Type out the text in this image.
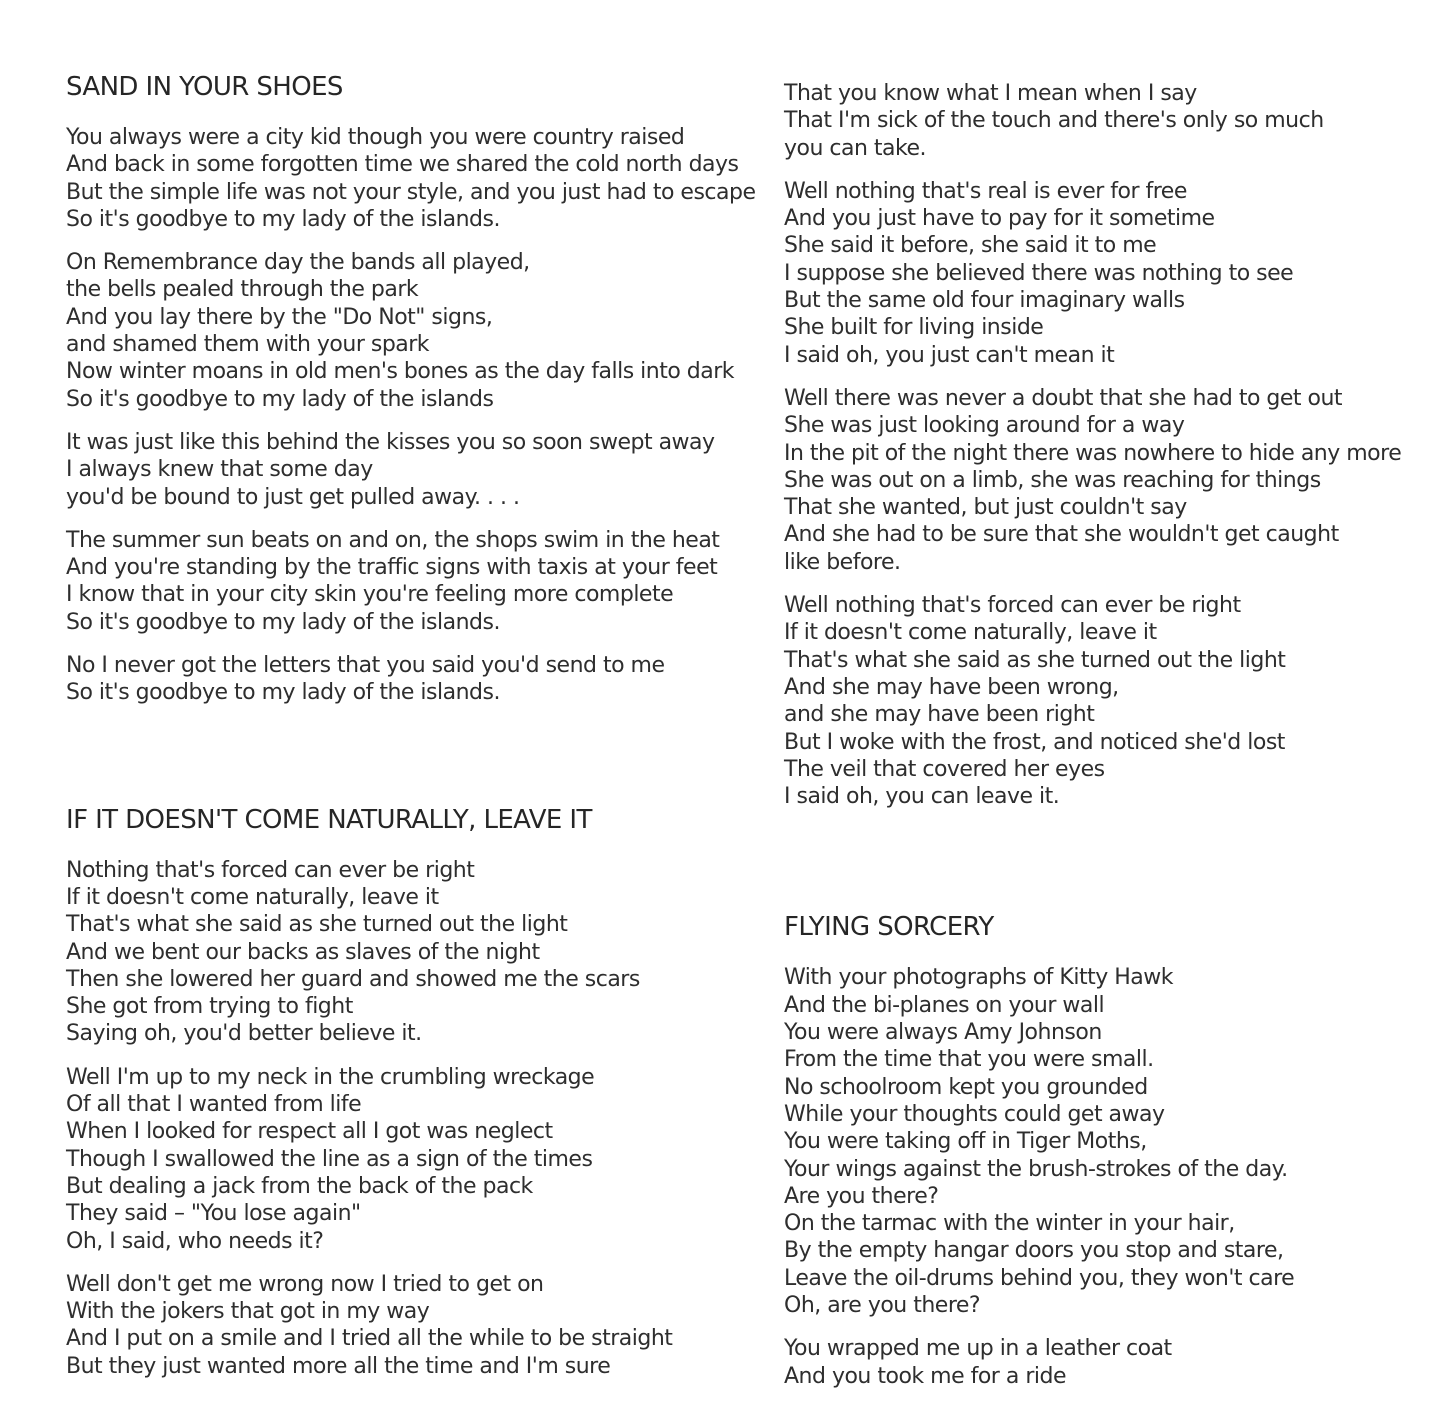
SAND IN YOUR SHOES
You always were a city kid though you were country raised
And back in some forgotten time we shared the cold north days
But the simple life was not your style, and you just had to escape
So it's goodbye to my lady of the islands.
On Remembrance day the bands all played,
the bells pealed through the park
And you lay there by the "Do Not" signs,
and shamed them with your spark
Now winter moans in old men's bones as the day falls into dark
So it's goodbye to my lady of the islands
It was just like this behind the kisses you so soon swept away
I always knew that some day
you'd be bound to just get pulled away. . . .
The summer sun beats on and on, the shops swim in the heat
And you're standing by the traffic signs with taxis at your feet
I know that in your city skin you're feeling more complete
So it's goodbye to my lady of the islands.
No I never got the letters that you said you'd send to me
So it's goodbye to my lady of the islands.
IF IT DOESN'T COME NATURALLY, LEAVE IT
Nothing that's forced can ever be right
If it doesn't come naturally, leave it
That's what she said as she turned out the light
And we bent our backs as slaves of the night
Then she lowered her guard and showed me the scars
She got from trying to fight
Saying oh, you'd better believe it.
Well I'm up to my neck in the crumbling wreckage
Of all that I wanted from life
When I looked for respect all I got was neglect
Though I swallowed the line as a sign of the times
But dealing a jack from the back of the pack
They said – "You lose again"
Oh, I said, who needs it?
Well don't get me wrong now I tried to get on
With the jokers that got in my way
And I put on a smile and I tried all the while to be straight
But they just wanted more all the time and I'm sure
That you know what I mean when I say
That I'm sick of the touch and there's only so much
you can take.
Well nothing that's real is ever for free
And you just have to pay for it sometime
She said it before, she said it to me
I suppose she believed there was nothing to see
But the same old four imaginary walls
She built for living inside
I said oh, you just can't mean it
Well there was never a doubt that she had to get out
She was just looking around for a way
In the pit of the night there was nowhere to hide any more
She was out on a limb, she was reaching for things
That she wanted, but just couldn't say
And she had to be sure that she wouldn't get caught
like before.
Well nothing that's forced can ever be right
If it doesn't come naturally, leave it
That's what she said as she turned out the light
And she may have been wrong,
and she may have been right
But I woke with the frost, and noticed she'd lost
The veil that covered her eyes
I said oh, you can leave it.
FLYING SORCERY
With your photographs of Kitty Hawk
And the bi-planes on your wall
You were always Amy Johnson
From the time that you were small.
No schoolroom kept you grounded
While your thoughts could get away
You were taking off in Tiger Moths,
Your wings against the brush-strokes of the day.
Are you there?
On the tarmac with the winter in your hair,
By the empty hangar doors you stop and stare,
Leave the oil-drums behind you, they won't care
Oh, are you there?
You wrapped me up in a leather coat
And you took me for a ride
